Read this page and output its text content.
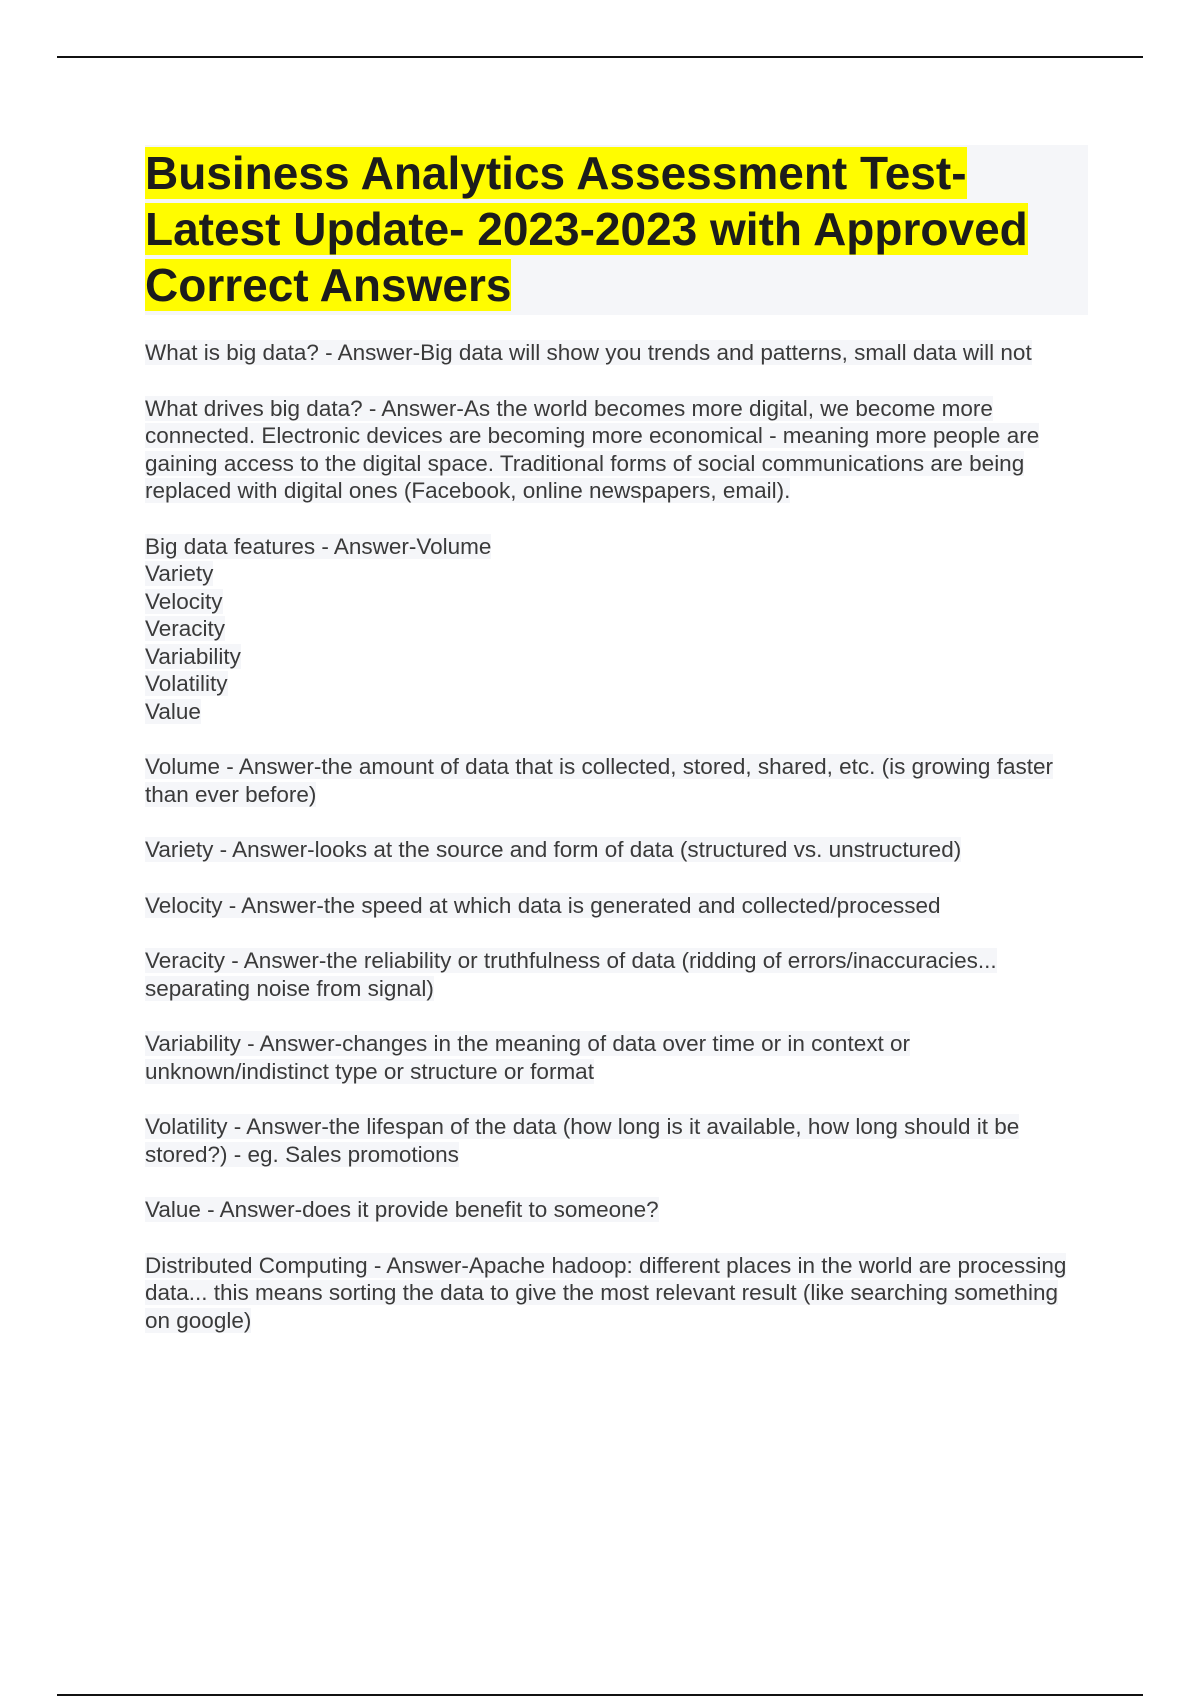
Business Analytics Assessment Test- Latest Update- 2023-2023 with Approved Correct Answers
What is big data? - Answer-Big data will show you trends and patterns, small data will not
What drives big data? - Answer-As the world becomes more digital, we become more connected. Electronic devices are becoming more economical - meaning more people are gaining access to the digital space. Traditional forms of social communications are being replaced with digital ones (Facebook, online newspapers, email).
Big data features - Answer-Volume
Variety
Velocity
Veracity
Variability
Volatility
Value
Volume - Answer-the amount of data that is collected, stored, shared, etc. (is growing faster than ever before)
Variety - Answer-looks at the source and form of data (structured vs. unstructured)
Velocity - Answer-the speed at which data is generated and collected/processed
Veracity - Answer-the reliability or truthfulness of data (ridding of errors/inaccuracies... separating noise from signal)
Variability - Answer-changes in the meaning of data over time or in context or unknown/indistinct type or structure or format
Volatility - Answer-the lifespan of the data (how long is it available, how long should it be stored?) - eg. Sales promotions
Value - Answer-does it provide benefit to someone?
Distributed Computing - Answer-Apache hadoop: different places in the world are processing data... this means sorting the data to give the most relevant result (like searching something on google)
